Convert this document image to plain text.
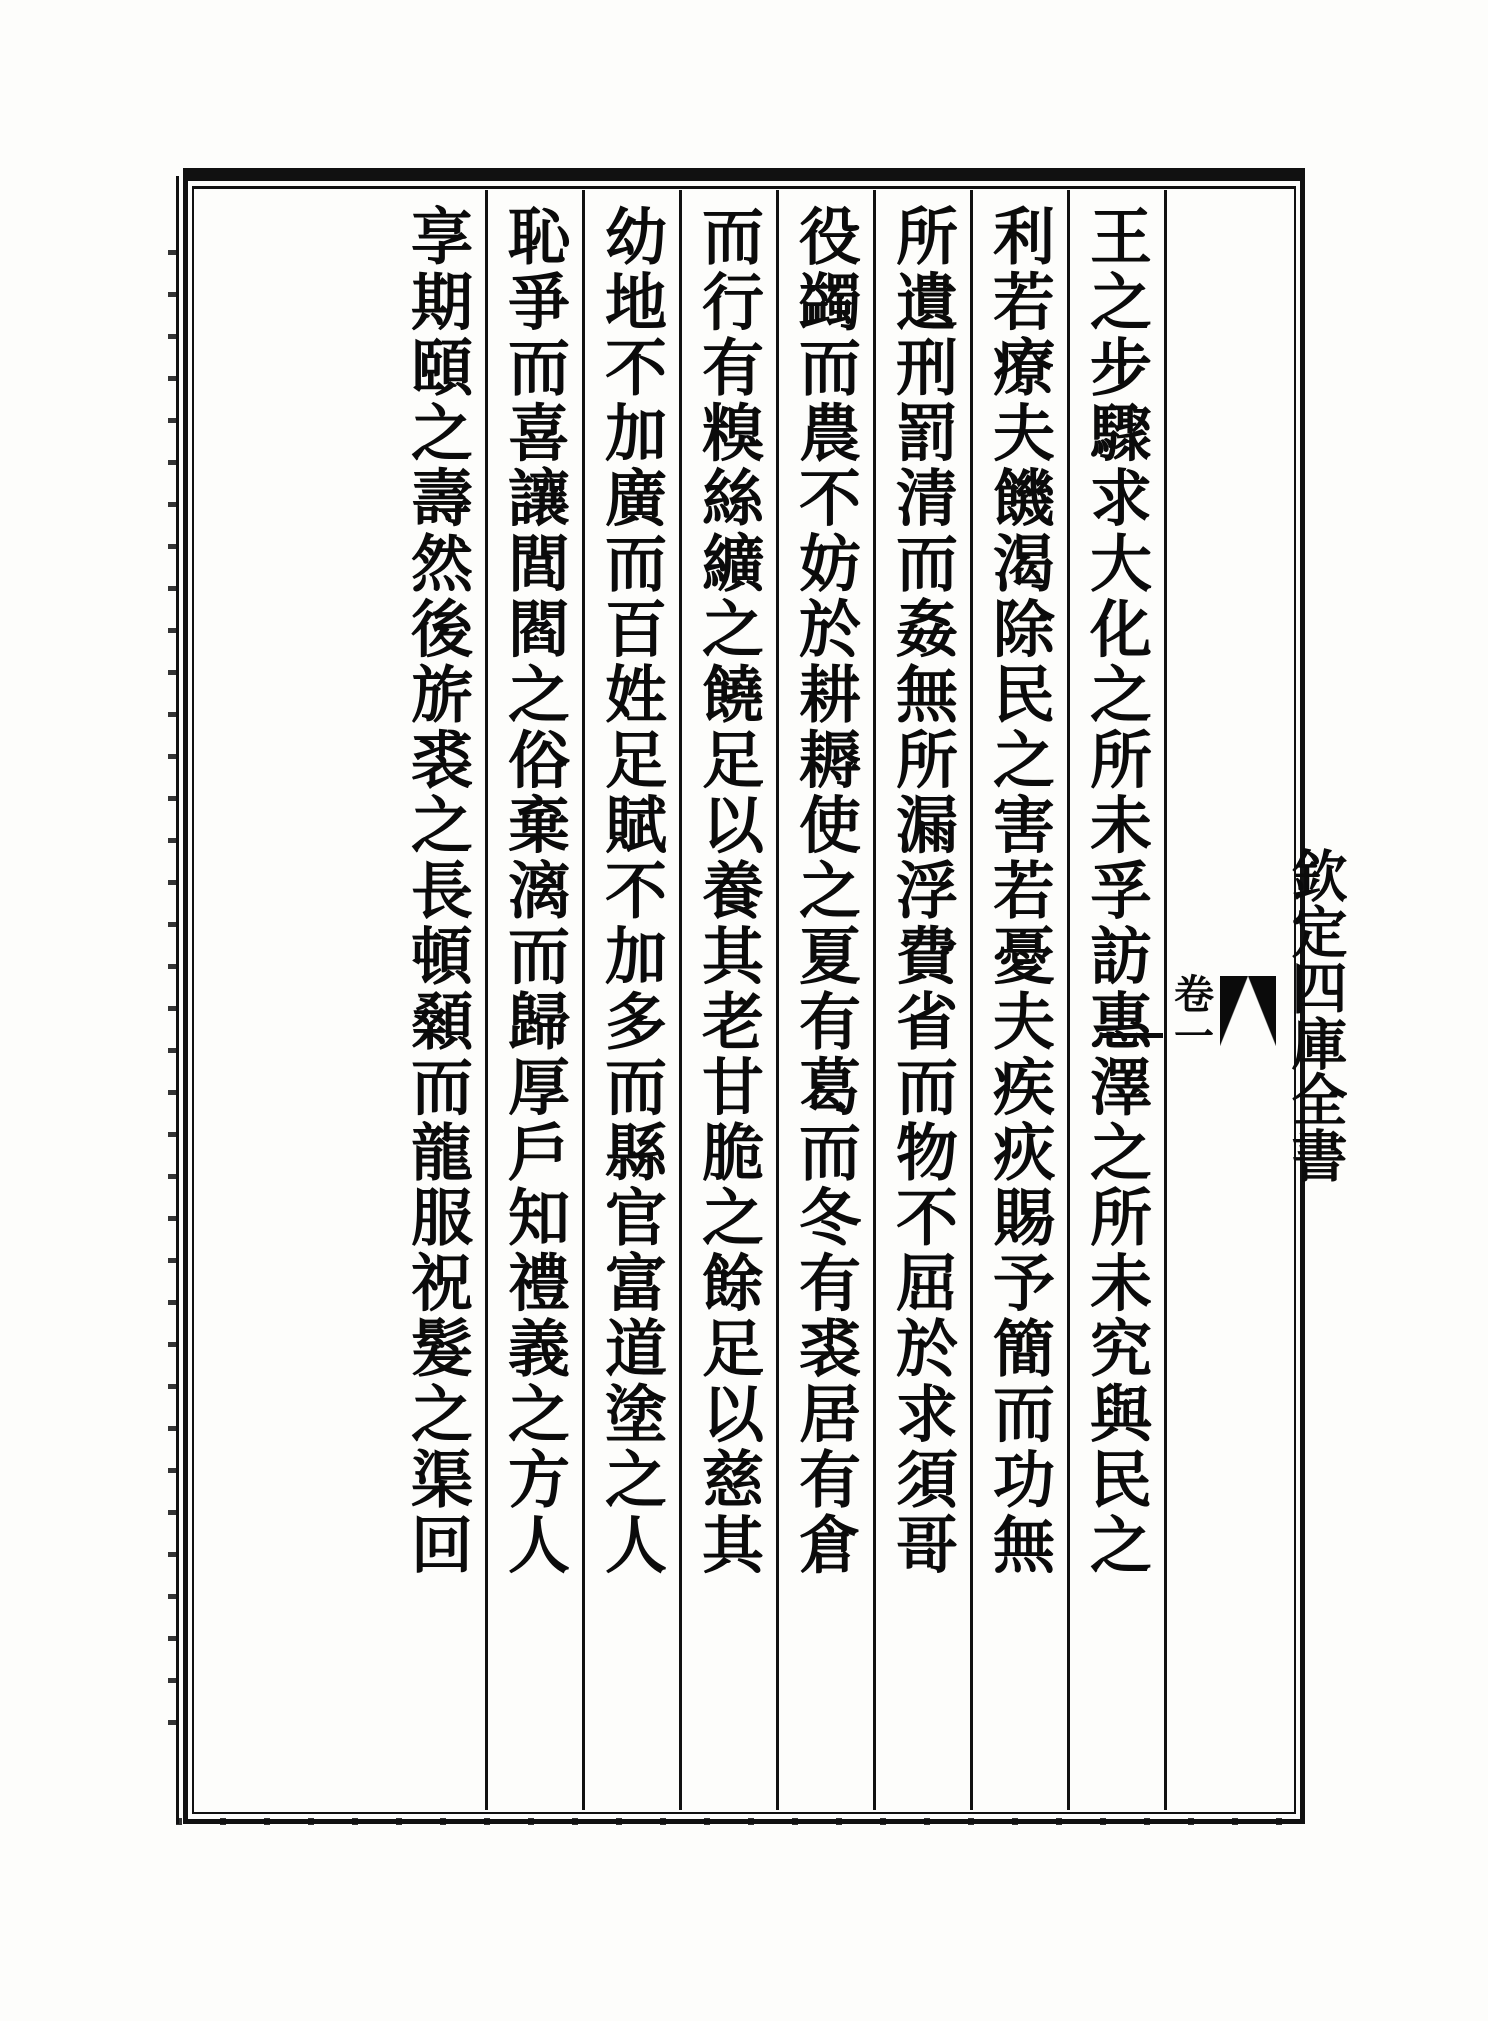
欽定四庫全書
卷一
王之步驟求大化之所未孚訪惠澤之所未究與民之
利若療夫饑渴除民之害若憂夫疾疢賜予簡而功無
所遺刑罰清而姦無所漏浮費省而物不屈於求須哥
役蠲而農不妨於耕耨使之夏有葛而冬有裘居有倉
而行有糗絲纊之饒足以養其老甘脆之餘足以慈其
幼地不加廣而百姓足賦不加多而縣官富道塗之人
恥爭而喜讓閭閻之俗棄漓而歸厚戶知禮義之方人
享期頤之壽然後旂裘之長頓顙而龍服祝髮之渠回
